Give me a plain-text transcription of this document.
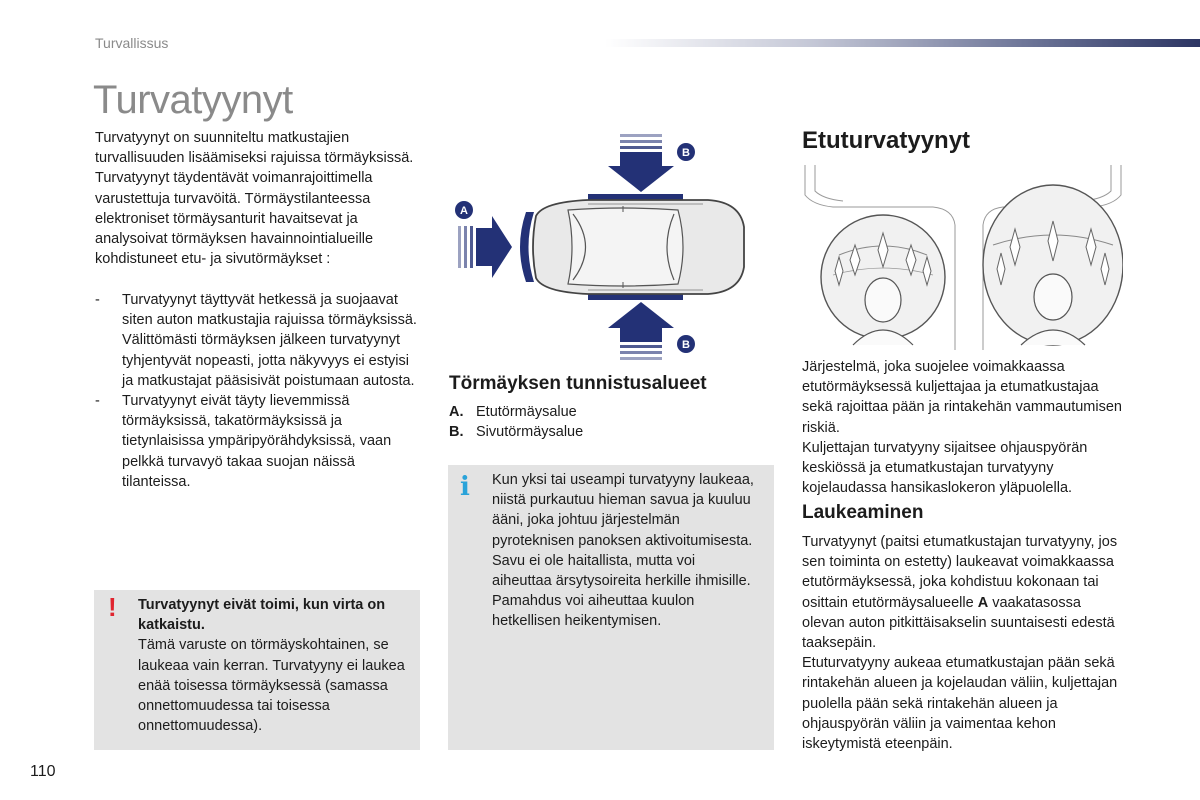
Turvallissus
Turvatyynyt
Turvatyynyt on suunniteltu matkustajien turvallisuuden lisäämiseksi rajuissa törmäyksissä. Turvatyynyt täydentävät voimanrajoittimella varustettuja turvavöitä. Törmäystilanteessa elektroniset törmäysanturit havaitsevat ja analysoivat törmäyksen havainnointialueille kohdistuneet etu- ja sivutörmäykset :
- Turvatyynyt täyttyvät hetkessä ja suojaavat siten auton matkustajia rajuissa törmäyksissä. Välittömästi törmäyksen jälkeen turvatyynyt tyhjentyvät nopeasti, jotta näkyvyys ei estyisi ja matkustajat pääsisivät poistumaan autosta.
- Turvatyynyt eivät täyty lievemmissä törmäyksissä, takatörmäyksissä ja tietynlaisissa ympäripyörähdyksissä, vaan pelkkä turvavyö takaa suojan näissä tilanteissa.
! Turvatyynyt eivät toimi, kun virta on katkaistu.
Tämä varuste on törmäyskohtainen, se laukeaa vain kerran. Turvatyyny ei laukea enää toisessa törmäyksessä (samassa onnettomuudessa tai toisessa onnettomuudessa).
A
B
B
Törmäyksen tunnistusalueet
A. Etutörmäysalue
B. Sivutörmäysalue
i Kun yksi tai useampi turvatyyny laukeaa, niistä purkautuu hieman savua ja kuuluu ääni, joka johtuu järjestelmän pyroteknisen panoksen aktivoitumisesta.
Savu ei ole haitallista, mutta voi aiheuttaa ärsytysoireita herkille ihmisille.
Pamahdus voi aiheuttaa kuulon hetkellisen heikentymisen.
Etuturvatyynyt
Järjestelmä, joka suojelee voimakkaassa etutörmäyksessä kuljettajaa ja etumatkustajaa sekä rajoittaa pään ja rintakehän vammautumisen riskiä.
Kuljettajan turvatyyny sijaitsee ohjauspyörän keskiössä ja etumatkustajan turvatyyny kojelaudassa hansikaslokeron yläpuolella.
Laukeaminen
Turvatyynyt (paitsi etumatkustajan turvatyyny, jos sen toiminta on estetty) laukeavat voimakkaassa etutörmäyksessä, joka kohdistuu kokonaan tai osittain etutörmäysalueelle A vaakatasossa olevan auton pitkittäisakselin suuntaisesti edestä taaksepäin.
Etuturvatyyny aukeaa etumatkustajan pään sekä rintakehän alueen ja kojelaudan väliin, kuljettajan puolella pään sekä rintakehän alueen ja ohjauspyörän väliin ja vaimentaa kehon iskeytymistä eteenpäin.
110
